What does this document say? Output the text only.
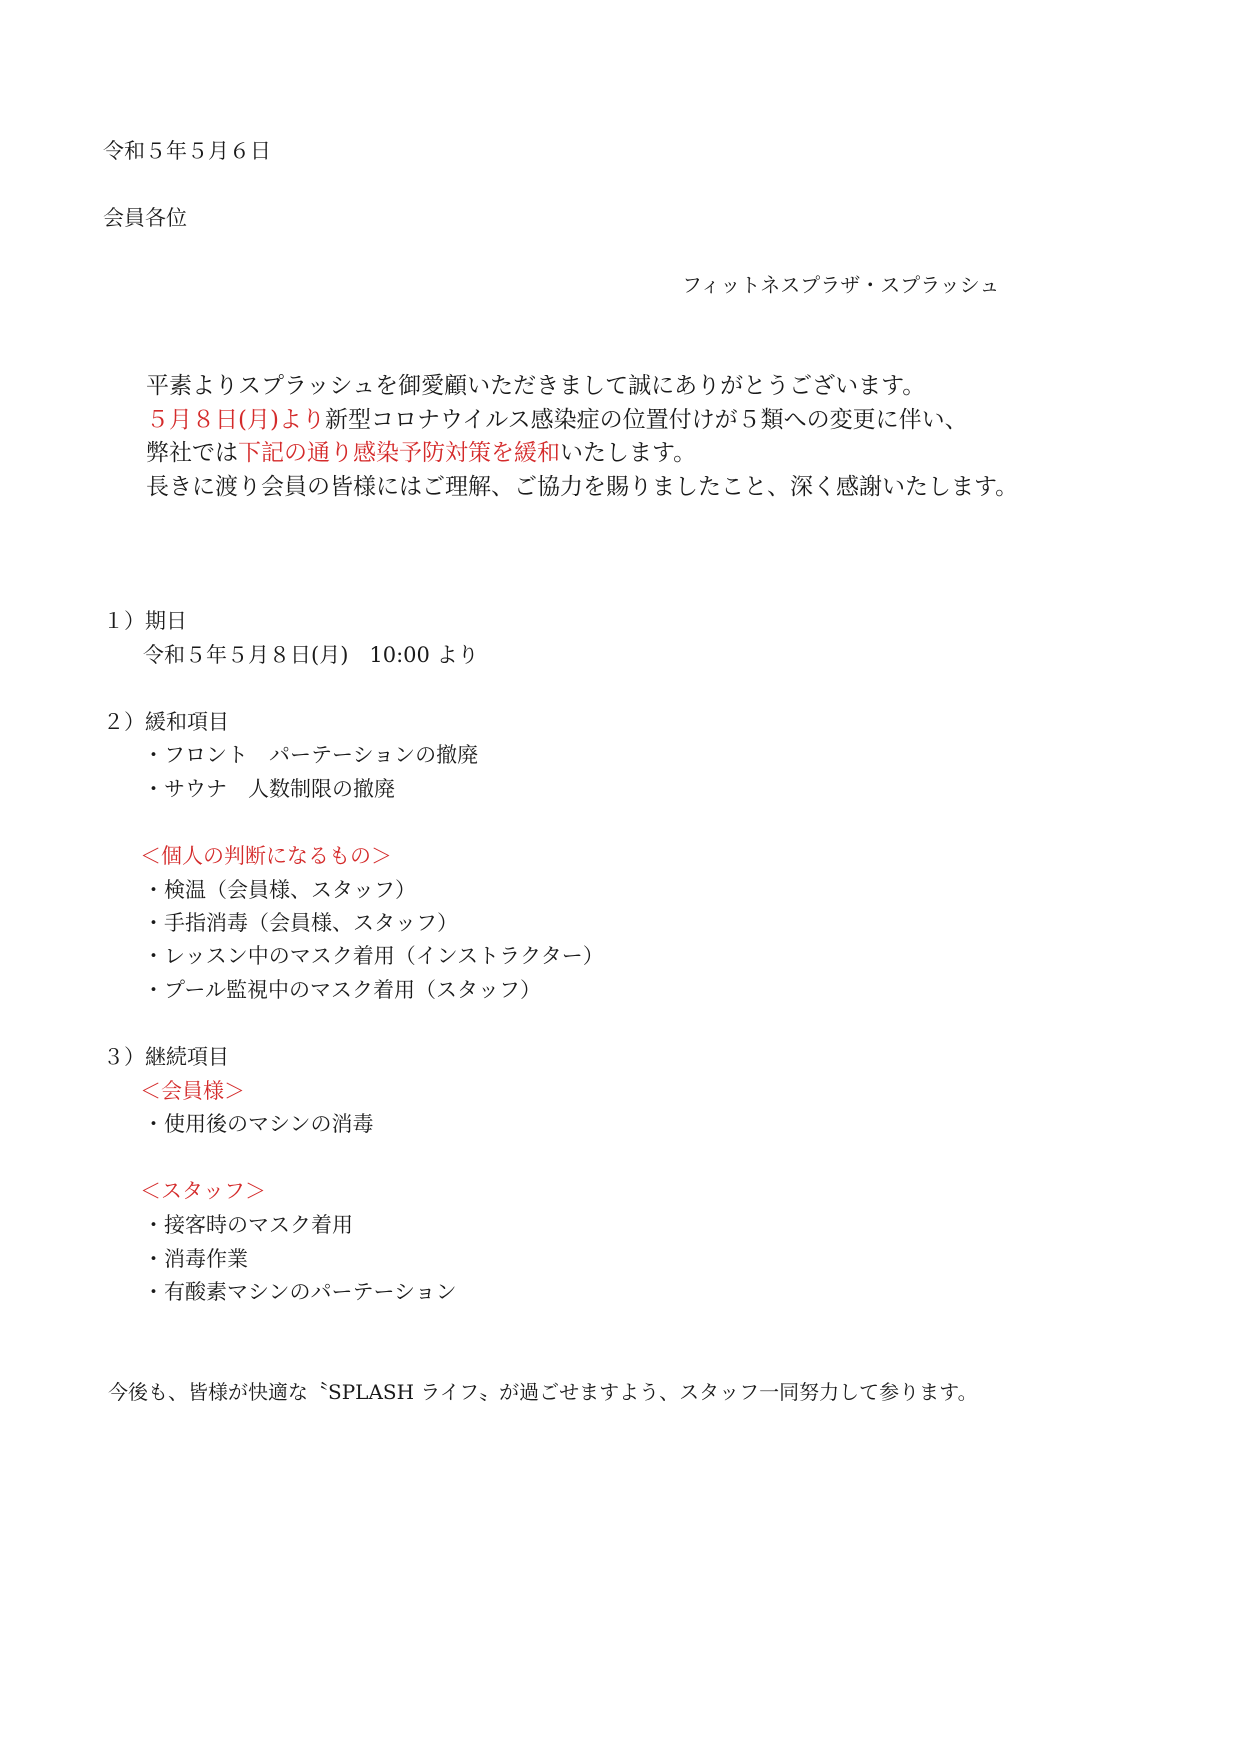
令和５年５月６日
会員各位
フィットネスプラザ・スプラッシュ
平素よりスプラッシュを御愛顧いただきまして誠にありがとうございます。
５月８日(月)より新型コロナウイルス感染症の位置付けが５類への変更に伴い、
弊社では下記の通り感染予防対策を緩和いたします。
長きに渡り会員の皆様にはご理解、ご協力を賜りましたこと、深く感謝いたします。
１）期日
令和５年５月８日(月)　10:00 より
２）緩和項目
・フロント　パーテーションの撤廃
・サウナ　人数制限の撤廃
＜個人の判断になるもの＞
・検温（会員様、スタッフ）
・手指消毒（会員様、スタッフ）
・レッスン中のマスク着用（インストラクター）
・プール監視中のマスク着用（スタッフ）
３）継続項目
＜会員様＞
・使用後のマシンの消毒
＜スタッフ＞
・接客時のマスク着用
・消毒作業
・有酸素マシンのパーテーション
今後も、皆様が快適な〝SPLASH ライフ〟が過ごせますよう、スタッフ一同努力して参ります。
